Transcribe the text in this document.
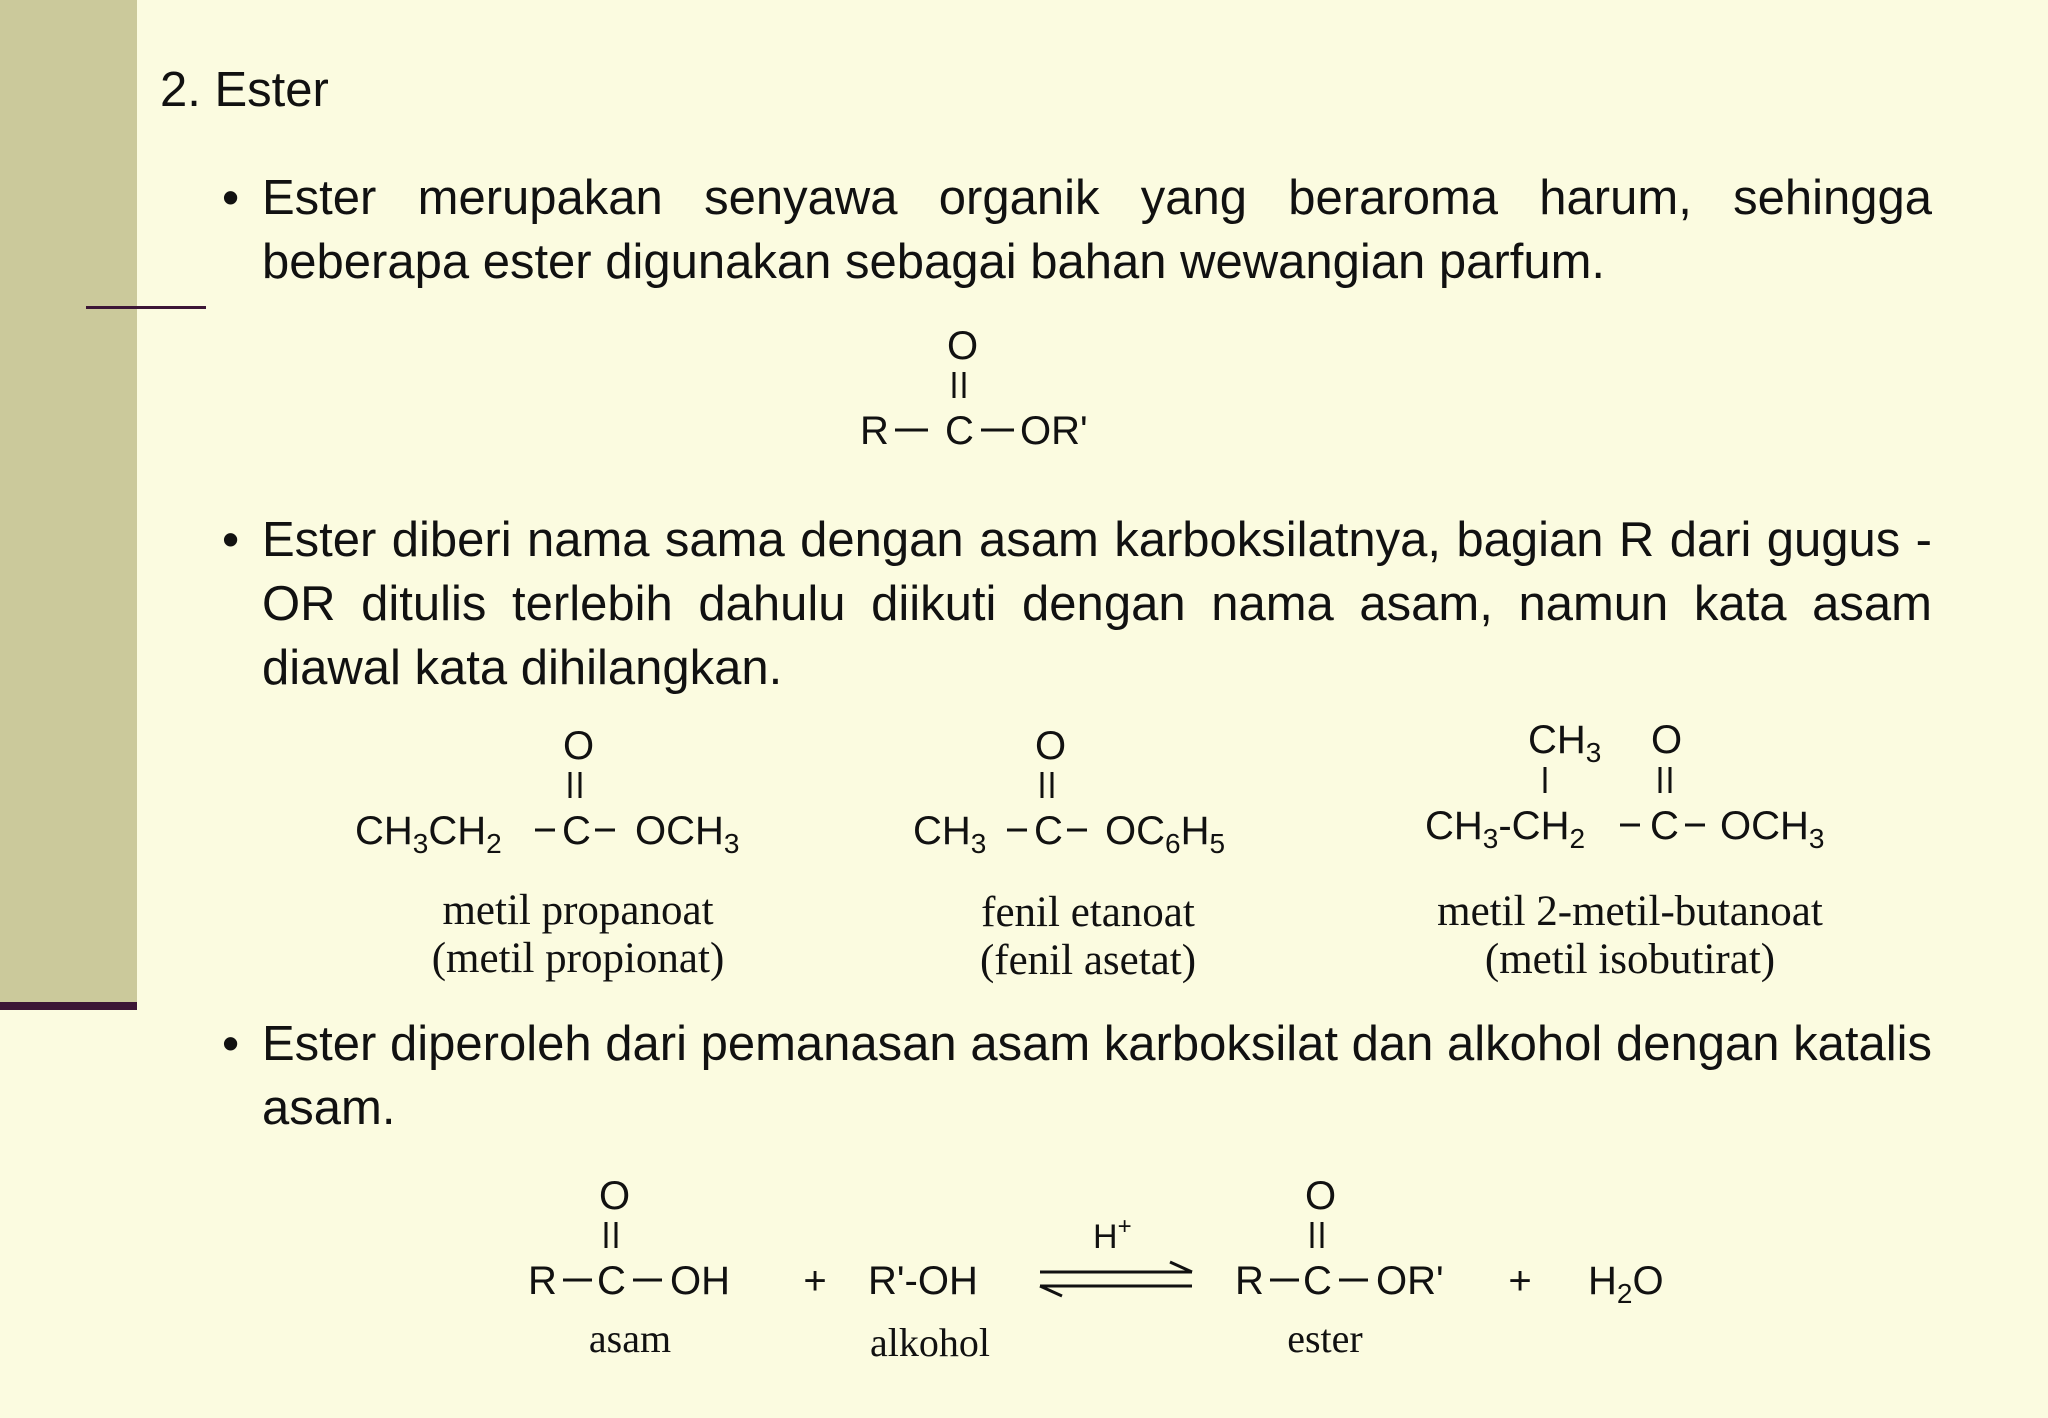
2. Ester
• Ester merupakan senyawa organik yang beraroma harum, sehingga beberapa ester digunakan sebagai bahan wewangian parfum.
O
R C OR'
• Ester diberi nama sama dengan asam karboksilatnya, bagian R dari gugus -OR ditulis terlebih dahulu diikuti dengan nama asam, namun kata asam diawal kata dihilangkan.
O
$CH_3CH_2$ C $OCH_3$
metil propanoat
(metil propionat)
O
$CH_3$ C $OC_6H_5$
fenil etanoat
(fenil asetat)
$CH_3$ O
$CH_3-CH_2$ C $OCH_3$
metil 2-metil-butanoat
(metil isobutirat)
• Ester diperoleh dari pemanasan asam karboksilat dan alkohol dengan katalis asam.
O
R C OH
asam
+ R'-OH
alkohol
H+
O
R C OR'
ester
+ $H_2O$
